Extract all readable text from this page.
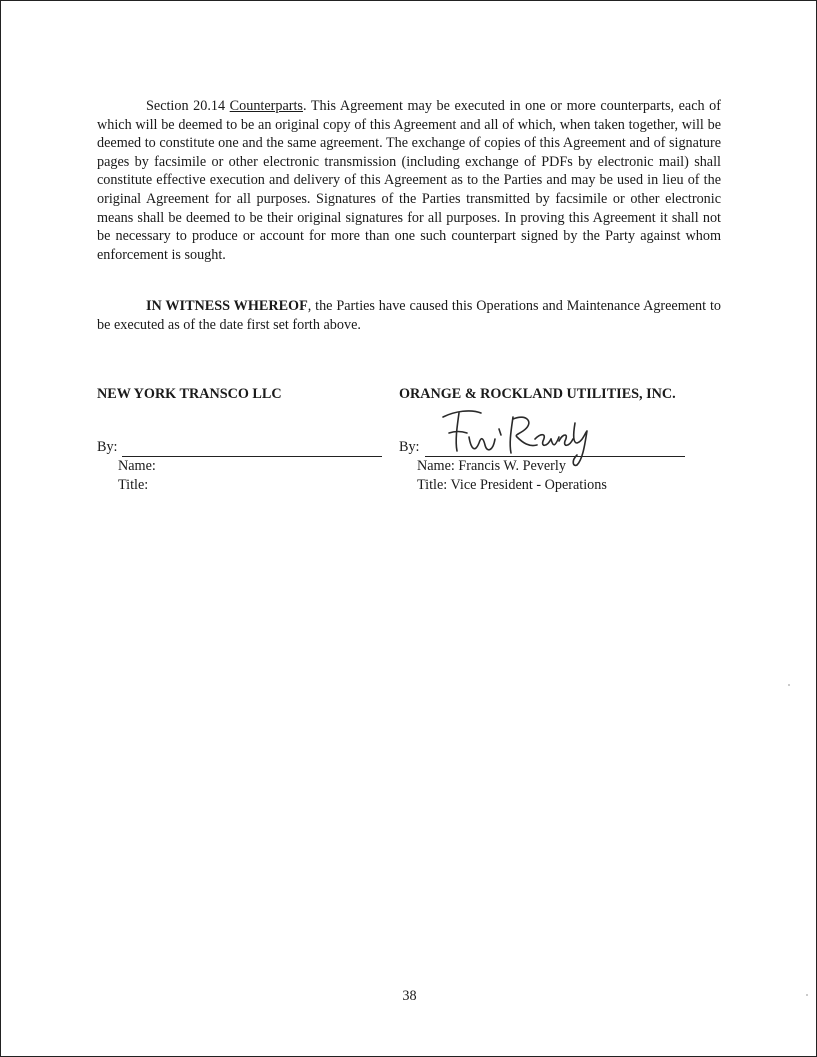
Section 20.14 Counterparts. This Agreement may be executed in one or more counterparts, each of which will be deemed to be an original copy of this Agreement and all of which, when taken together, will be deemed to constitute one and the same agreement. The exchange of copies of this Agreement and of signature pages by facsimile or other electronic transmission (including exchange of PDFs by electronic mail) shall constitute effective execution and delivery of this Agreement as to the Parties and may be used in lieu of the original Agreement for all purposes. Signatures of the Parties transmitted by facsimile or other electronic means shall be deemed to be their original signatures for all purposes. In proving this Agreement it shall not be necessary to produce or account for more than one such counterpart signed by the Party against whom enforcement is sought.

IN WITNESS WHEREOF, the Parties have caused this Operations and Maintenance Agreement to be executed as of the date first set forth above.

NEW YORK TRANSCO LLC	ORANGE & ROCKLAND UTILITIES, INC.
By:	By:
Name:
Title:
Name: Francis W. Peverly
Title: Vice President - Operations
38
